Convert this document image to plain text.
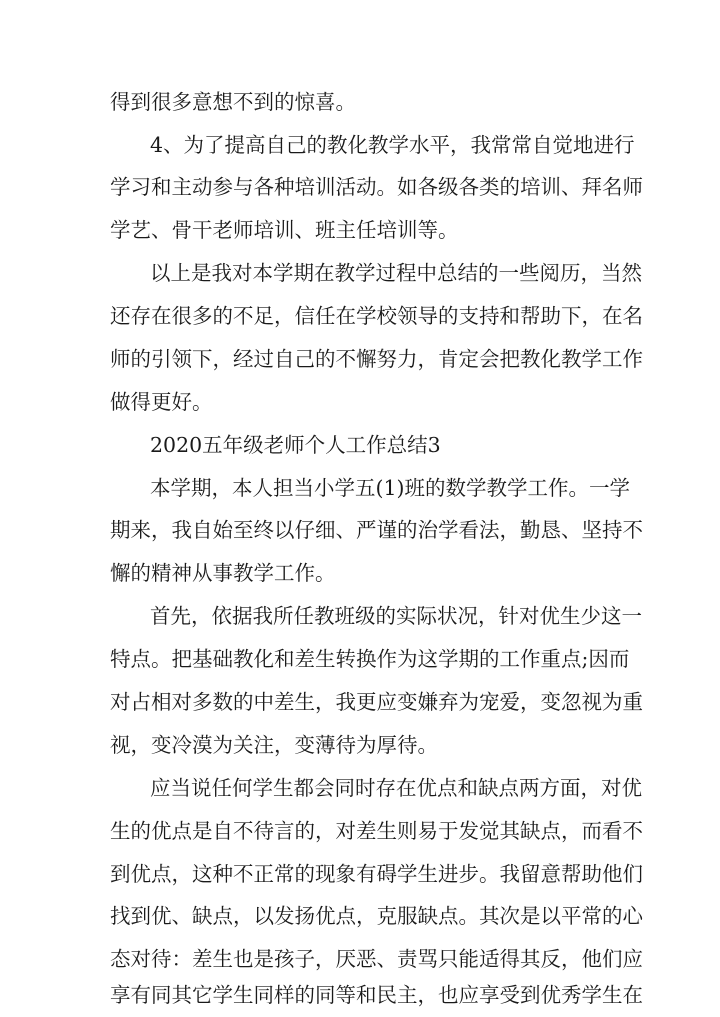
得到很多意想不到的惊喜。
4、为了提高自己的教化教学水平，我常常自觉地进行
学习和主动参与各种培训活动。如各级各类的培训、拜名师
学艺、骨干老师培训、班主任培训等。
以上是我对本学期在教学过程中总结的一些阅历，当然
还存在很多的不足，信任在学校领导的支持和帮助下，在名
师的引领下，经过自己的不懈努力，肯定会把教化教学工作
做得更好。
2020五年级老师个人工作总结3
本学期，本人担当小学五(1)班的数学教学工作。一学
期来，我自始至终以仔细、严谨的治学看法，勤恳、坚持不
懈的精神从事教学工作。
首先，依据我所任教班级的实际状况，针对优生少这一
特点。把基础教化和差生转换作为这学期的工作重点;因而
对占相对多数的中差生，我更应变嫌弃为宠爱，变忽视为重
视，变冷漠为关注，变薄待为厚待。
应当说任何学生都会同时存在优点和缺点两方面，对优
生的优点是自不待言的，对差生则易于发觉其缺点，而看不
到优点，这种不正常的现象有碍学生进步。我留意帮助他们
找到优、缺点，以发扬优点，克服缺点。其次是以平常的心
态对待：差生也是孩子，厌恶、责骂只能适得其反，他们应
享有同其它学生同样的同等和民主，也应享受到优秀学生在
